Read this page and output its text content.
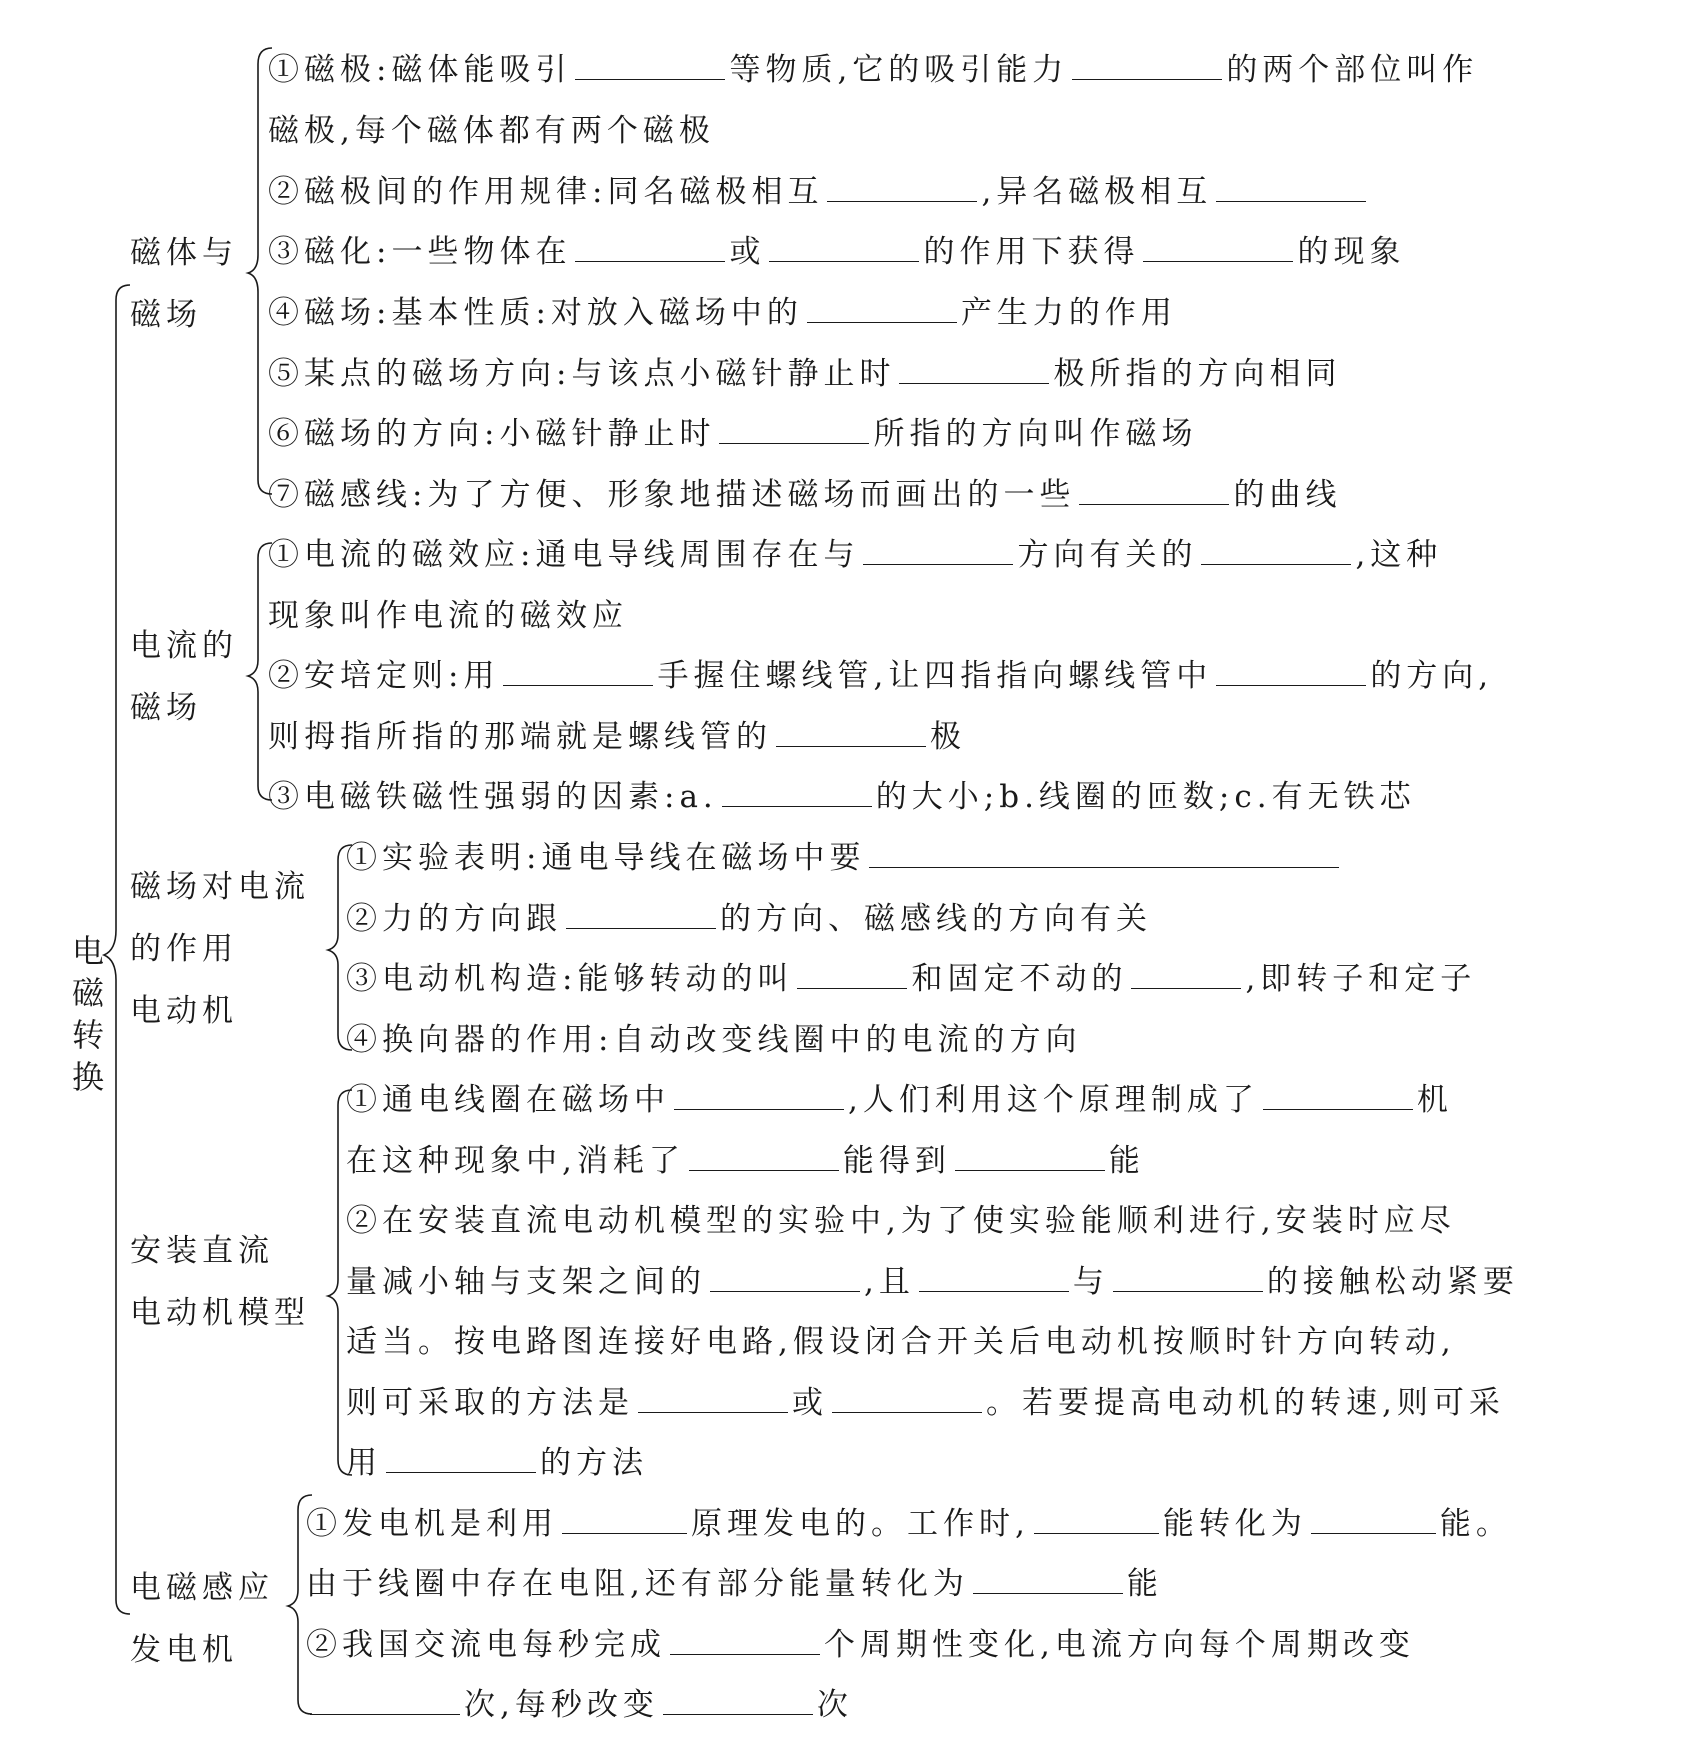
电
磁
转
换
磁体与
磁场
电流的
磁场
磁场对电流
的作用
电动机
安装直流
电动机模型
电磁感应
发电机
①磁极:磁体能吸引	等物质,它的吸引能力	的两个部位叫作
磁极,每个磁体都有两个磁极
②磁极间的作用规律:同名磁极相互	,异名磁极相互
③磁化:一些物体在	或	的作用下获得	的现象
④磁场:基本性质:对放入磁场中的	产生力的作用
⑤某点的磁场方向:与该点小磁针静止时	极所指的方向相同
⑥磁场的方向:小磁针静止时	所指的方向叫作磁场
⑦磁感线:为了方便、形象地描述磁场而画出的一些	的曲线
①电流的磁效应:通电导线周围存在与	方向有关的	,这种
现象叫作电流的磁效应
②安培定则:用	手握住螺线管,让四指指向螺线管中	的方向,
则拇指所指的那端就是螺线管的	极
③电磁铁磁性强弱的因素:a.	的大小;b.线圈的匝数;c.有无铁芯
①实验表明:通电导线在磁场中要
②力的方向跟	的方向、磁感线的方向有关
③电动机构造:能够转动的叫	和固定不动的	,即转子和定子
④换向器的作用:自动改变线圈中的电流的方向
①通电线圈在磁场中	,人们利用这个原理制成了	机
在这种现象中,消耗了	能得到	能
②在安装直流电动机模型的实验中,为了使实验能顺利进行,安装时应尽
量减小轴与支架之间的	,且	与	的接触松动紧要
适当。按电路图连接好电路,假设闭合开关后电动机按顺时针方向转动,
则可采取的方法是	或	。若要提高电动机的转速,则可采
用	的方法
①发电机是利用	原理发电的。工作时,	能转化为	能。
由于线圈中存在电阻,还有部分能量转化为	能
②我国交流电每秒完成	个周期性变化,电流方向每个周期改变
次,每秒改变	次
